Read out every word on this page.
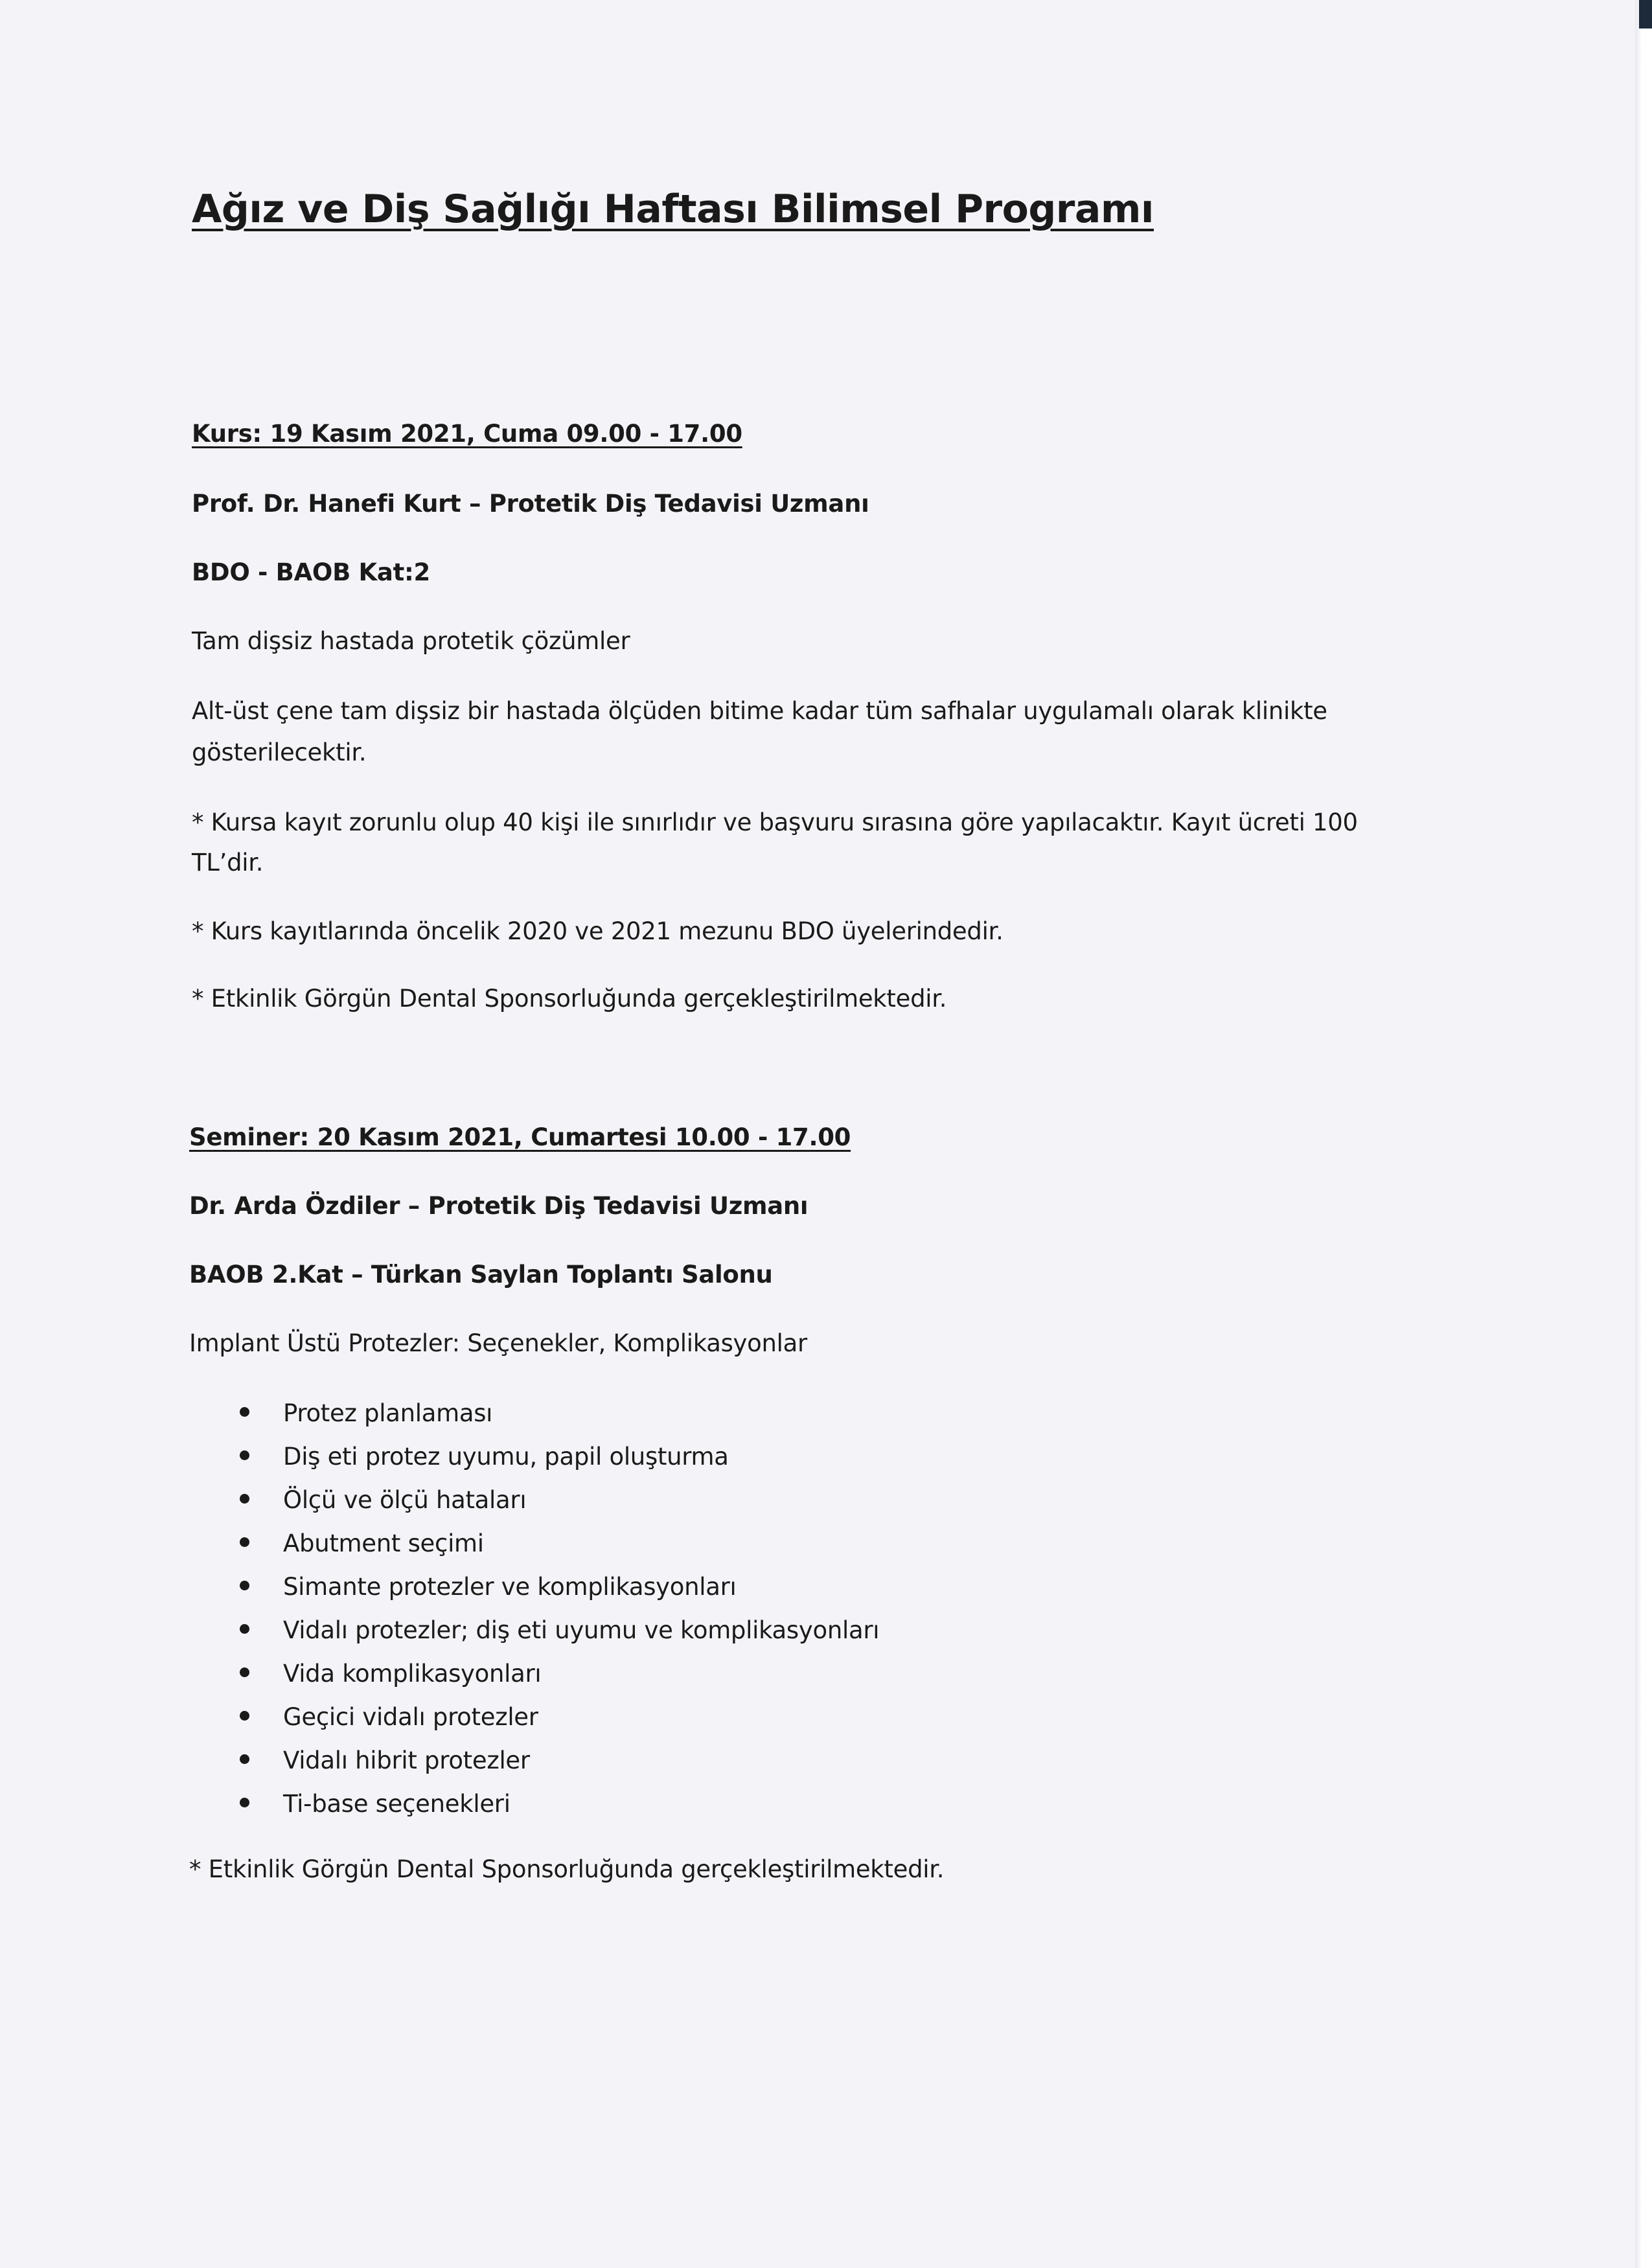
Ağız ve Diş Sağlığı Haftası Bilimsel Programı
Kurs: 19 Kasım 2021, Cuma 09.00 - 17.00
Prof. Dr. Hanefi Kurt – Protetik Diş Tedavisi Uzmanı
BDO - BAOB Kat:2
Tam dişsiz hastada protetik çözümler
Alt-üst çene tam dişsiz bir hastada ölçüden bitime kadar tüm safhalar uygulamalı olarak klinikte
gösterilecektir.
* Kursa kayıt zorunlu olup 40 kişi ile sınırlıdır ve başvuru sırasına göre yapılacaktır. Kayıt ücreti 100
TL’dir.
* Kurs kayıtlarında öncelik 2020 ve 2021 mezunu BDO üyelerindedir.
* Etkinlik Görgün Dental Sponsorluğunda gerçekleştirilmektedir.
Seminer: 20 Kasım 2021, Cumartesi 10.00 - 17.00
Dr. Arda Özdiler – Protetik Diş Tedavisi Uzmanı
BAOB 2.Kat – Türkan Saylan Toplantı Salonu
Implant Üstü Protezler: Seçenekler, Komplikasyonlar
Protez planlaması
Diş eti protez uyumu, papil oluşturma
Ölçü ve ölçü hataları
Abutment seçimi
Simante protezler ve komplikasyonları
Vidalı protezler; diş eti uyumu ve komplikasyonları
Vida komplikasyonları
Geçici vidalı protezler
Vidalı hibrit protezler
Ti-base seçenekleri
* Etkinlik Görgün Dental Sponsorluğunda gerçekleştirilmektedir.
